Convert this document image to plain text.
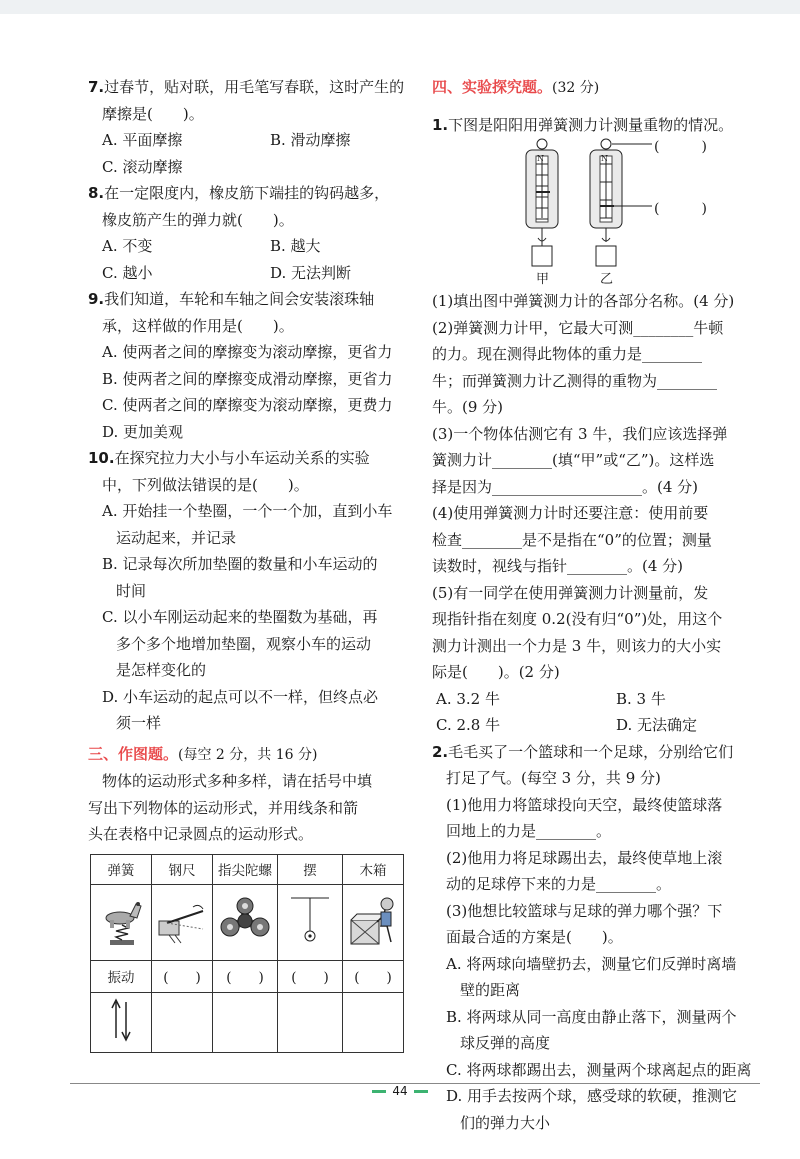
7.过春节，贴对联，用毛笔写春联，这时产生的
摩擦是(　　)。
A. 平面摩擦	B. 滑动摩擦
C. 滚动摩擦
8.在一定限度内，橡皮筋下端挂的钩码越多，
橡皮筋产生的弹力就(　　)。
A. 不变	B. 越大
C. 越小	D. 无法判断
9.我们知道，车轮和车轴之间会安装滚珠轴
承，这样做的作用是(　　)。
A. 使两者之间的摩擦变为滚动摩擦，更省力
B. 使两者之间的摩擦变成滑动摩擦，更省力
C. 使两者之间的摩擦变为滚动摩擦，更费力
D. 更加美观
10.在探究拉力大小与小车运动关系的实验
中，下列做法错误的是(　　)。
A. 开始挂一个垫圈，一个一个加，直到小车
运动起来，并记录
B. 记录每次所加垫圈的数量和小车运动的
时间
C. 以小车刚运动起来的垫圈数为基础，再
多个多个地增加垫圈，观察小车的运动
是怎样变化的
D. 小车运动的起点可以不一样，但终点必
须一样
三、作图题。(每空 2 分，共 16 分)
物体的运动形式多种多样，请在括号中填
写出下列物体的运动形式，并用线条和箭
头在表格中记录圆点的运动形式。
弹簧	钢尺	指尖陀螺	摆	木箱

振动	(　　)	(　　)	(　　)	(　　)

四、实验探究题。(32 分)
1.下图是阳阳用弹簧测力计测量重物的情况。
N	N
(　　　)
(　　　)
甲	乙
(1)填出图中弹簧测力计的各部分名称。(4 分)
(2)弹簧测力计甲，它最大可测________牛顿
的力。现在测得此物体的重力是________
牛；而弹簧测力计乙测得的重物为________
牛。(9 分)
(3)一个物体估测它有 3 牛，我们应该选择弹
簧测力计________(填“甲”或“乙”)。这样选
择是因为____________________。(4 分)
(4)使用弹簧测力计时还要注意：使用前要
检查________是不是指在“0”的位置；测量
读数时，视线与指针________。(4 分)
(5)有一同学在使用弹簧测力计测量前，发
现指针指在刻度 0.2(没有归“0”)处，用这个
测力计测出一个力是 3 牛，则该力的大小实
际是(　　)。(2 分)
A. 3.2 牛	B. 3 牛
C. 2.8 牛	D. 无法确定
2.毛毛买了一个篮球和一个足球，分别给它们
打足了气。(每空 3 分，共 9 分)
(1)他用力将篮球投向天空，最终使篮球落
回地上的力是________。
(2)他用力将足球踢出去，最终使草地上滚
动的足球停下来的力是________。
(3)他想比较篮球与足球的弹力哪个强？下
面最合适的方案是(　　)。
A. 将两球向墙壁扔去，测量它们反弹时离墙
壁的距离
B. 将两球从同一高度由静止落下，测量两个
球反弹的高度
C. 将两球都踢出去，测量两个球离起点的距离
D. 用手去按两个球，感受球的软硬，推测它
们的弹力大小
44
